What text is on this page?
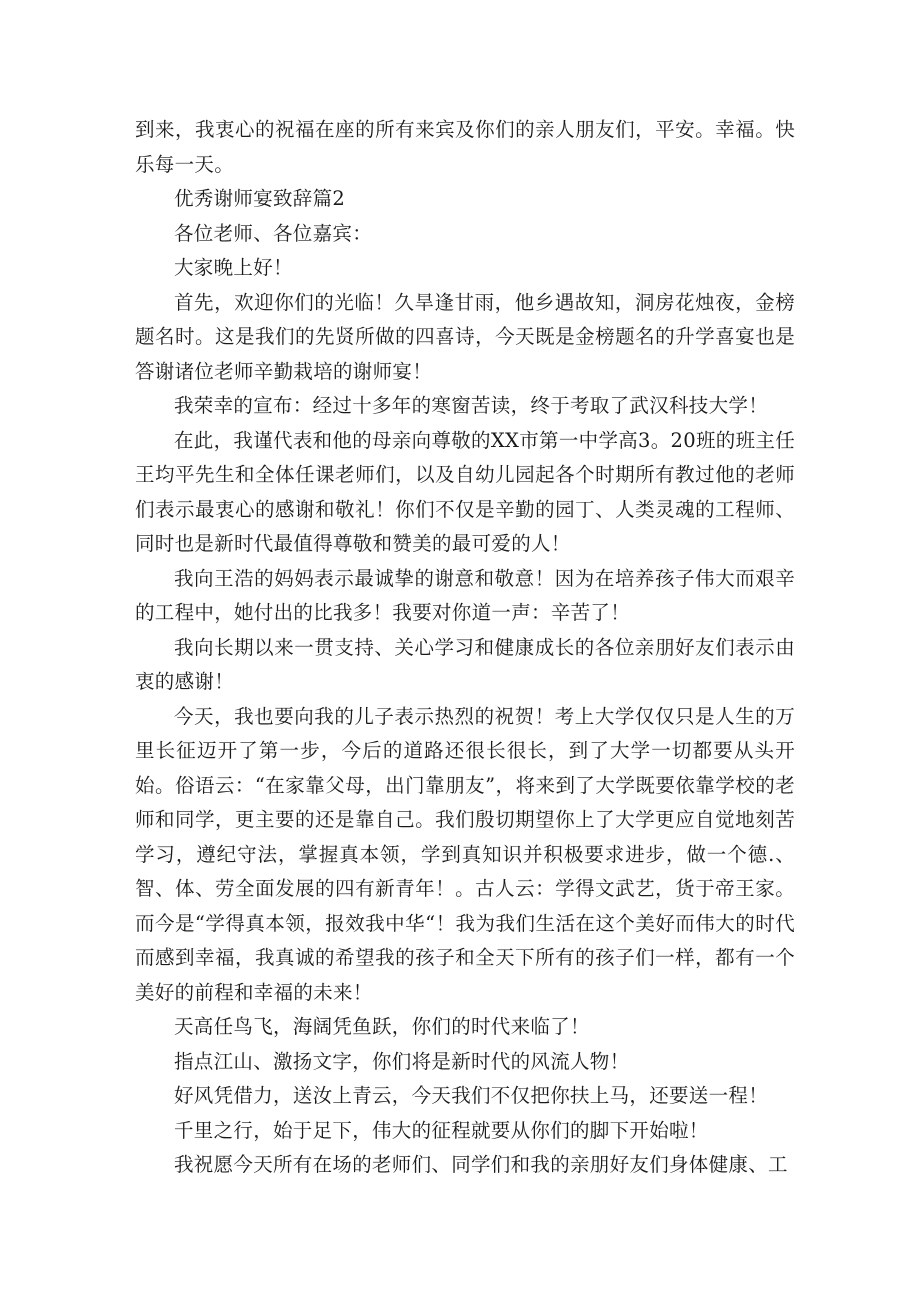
到来，我衷心的祝福在座的所有来宾及你们的亲人朋友们，平安。幸福。快乐每一天。

优秀谢师宴致辞篇2

各位老师、各位嘉宾：

大家晚上好！

首先，欢迎你们的光临！久旱逢甘雨，他乡遇故知，洞房花烛夜，金榜题名时。这是我们的先贤所做的四喜诗，今天既是金榜题名的升学喜宴也是答谢诸位老师辛勤栽培的谢师宴！

我荣幸的宣布：经过十多年的寒窗苦读，终于考取了武汉科技大学！

在此，我谨代表和他的母亲向尊敬的XX市第一中学高3。20班的班主任王均平先生和全体任课老师们，以及自幼儿园起各个时期所有教过他的老师们表示最衷心的感谢和敬礼！你们不仅是辛勤的园丁、人类灵魂的工程师、同时也是新时代最值得尊敬和赞美的最可爱的人！

我向王浩的妈妈表示最诚挚的谢意和敬意！因为在培养孩子伟大而艰辛的工程中，她付出的比我多！我要对你道一声：辛苦了！

我向长期以来一贯支持、关心学习和健康成长的各位亲朋好友们表示由衷的感谢！

今天，我也要向我的儿子表示热烈的祝贺！考上大学仅仅只是人生的万里长征迈开了第一步，今后的道路还很长很长，到了大学一切都要从头开始。俗语云：“在家靠父母，出门靠朋友”，将来到了大学既要依靠学校的老师和同学，更主要的还是靠自己。我们殷切期望你上了大学更应自觉地刻苦学习，遵纪守法，掌握真本领，学到真知识并积极要求进步，做一个德.、智、体、劳全面发展的四有新青年！。古人云：学得文武艺，货于帝王家。而今是“学得真本领，报效我中华“！我为我们生活在这个美好而伟大的时代而感到幸福，我真诚的希望我的孩子和全天下所有的孩子们一样，都有一个美好的前程和幸福的未来！

天高任鸟飞，海阔凭鱼跃，你们的时代来临了！

指点江山、激扬文字，你们将是新时代的风流人物！

好风凭借力，送汝上青云，今天我们不仅把你扶上马，还要送一程！

千里之行，始于足下，伟大的征程就要从你们的脚下开始啦！

我祝愿今天所有在场的老师们、同学们和我的亲朋好友们身体健康、工
